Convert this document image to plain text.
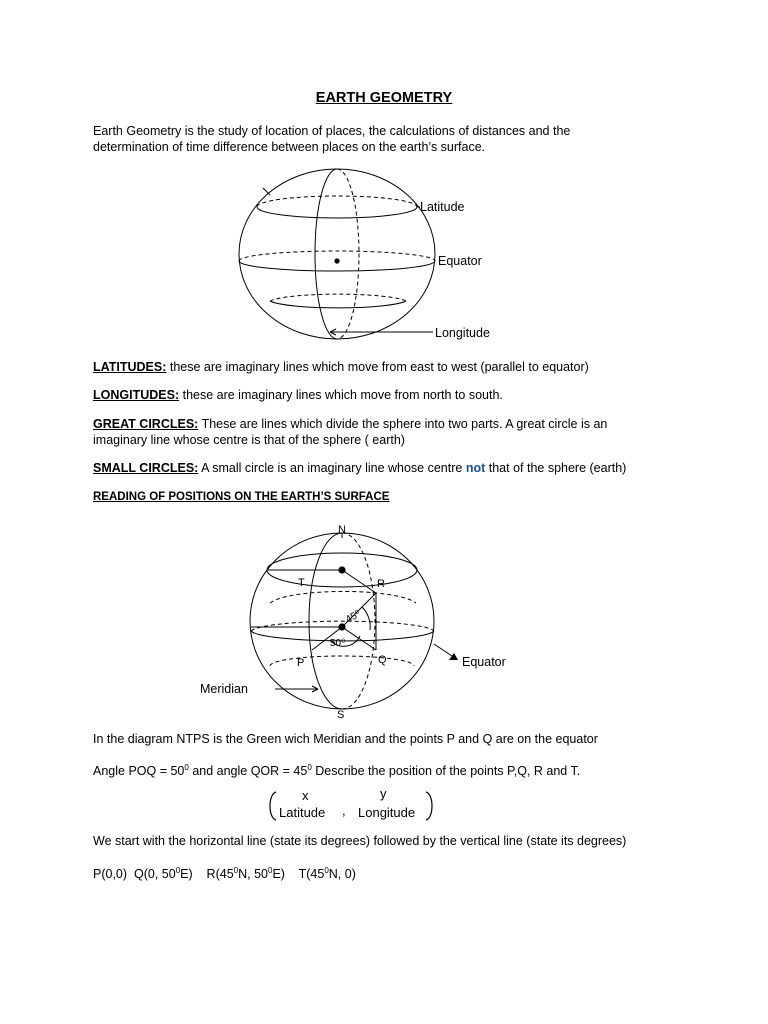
EARTH GEOMETRY
Earth Geometry is the study of location of places, the calculations of distances and the
determination of time difference between places on the earth’s surface.
Latitude
Equator
Longitude
LATITUDES: these are imaginary lines which move from east to west (parallel to equator)
LONGITUDES: these are imaginary lines which move from north to south.
GREAT CIRCLES: These are lines which divide the sphere into two parts. A great circle is an
imaginary line whose centre is that of the sphere ( earth)
SMALL CIRCLES: A small circle is an imaginary line whose centre not that of the sphere (earth)
READING OF POSITIONS ON THE EARTH’S SURFACE
N
S
T	R
P	Q
45⁰
50⁰
Equator
Meridian
In the diagram NTPS is the Green wich Meridian and the points P and Q are on the equator
Angle POQ = $50^0$ and angle QOR = $45^0$ Describe the position of the points P,Q, R and T.
x	y
Latitude , Longitude
We start with the horizontal line (state its degrees) followed by the vertical line (state its degrees)
P(0,0) Q(0, $50^0E$) $R(45^0N$, $50^0E$) $T(45^0N$, 0)
